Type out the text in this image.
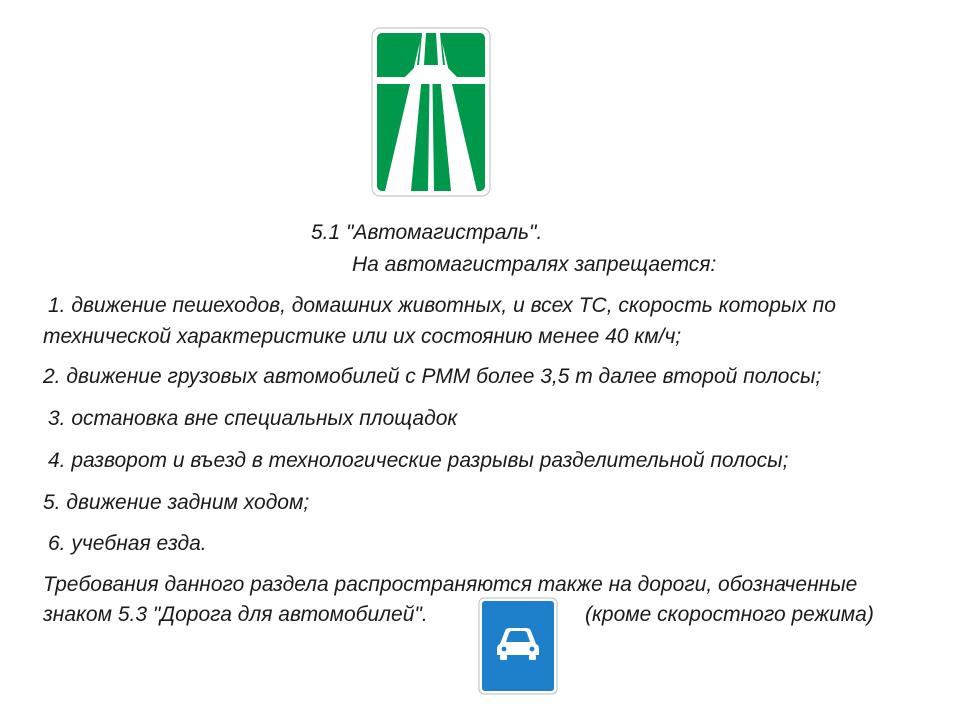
5.1 "Автомагистраль".
На автомагистралях запрещается:
1. движение пешеходов, домашних животных, и всех ТС, скорость которых по
технической характеристике или их состоянию менее 40 км/ч;
2. движение грузовых автомобилей с РММ более 3,5 т далее второй полосы;
3. остановка вне специальных площадок
4. разворот и въезд в технологические разрывы разделительной полосы;
5. движение задним ходом;
6. учебная езда.
Требования данного раздела распространяются также на дороги, обозначенные
знаком 5.3 "Дорога для автомобилей".	(кроме скоростного режима)
